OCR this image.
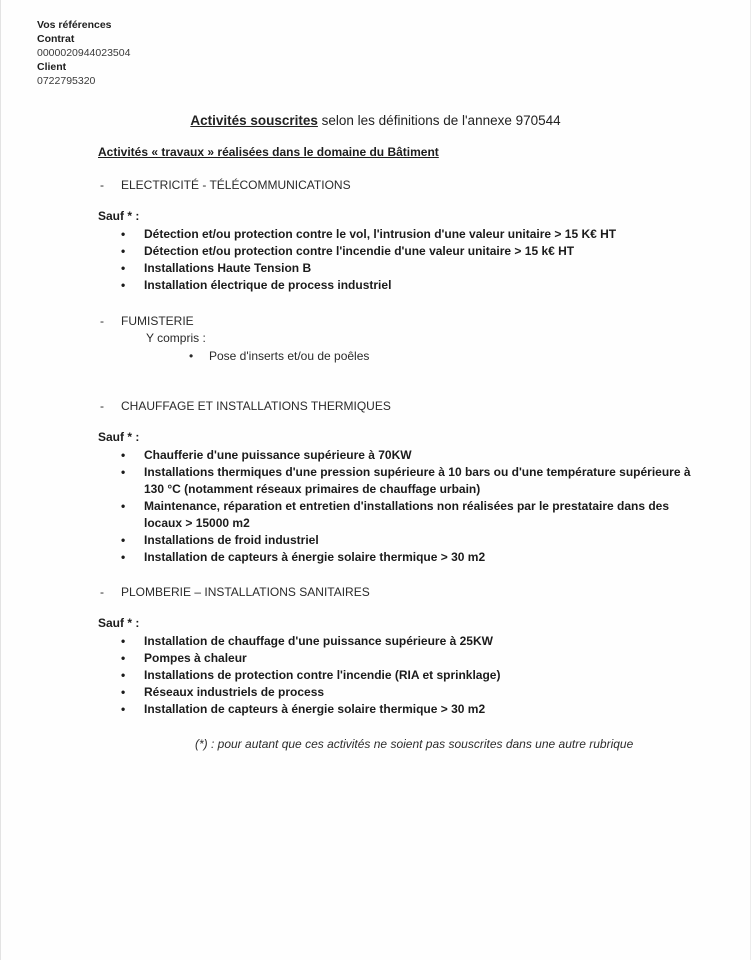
Vos références
Contrat
0000020944023504
Client
0722795320
Activités souscrites selon les définitions de l'annexe 970544
Activités « travaux » réalisées dans le domaine du Bâtiment
- ELECTRICITÉ - TÉLÉCOMMUNICATIONS
Sauf * :
• Détection et/ou protection contre le vol, l'intrusion d'une valeur unitaire > 15 K€ HT
• Détection et/ou protection contre l'incendie d'une valeur unitaire > 15 k€ HT
• Installations Haute Tension B
• Installation électrique de process industriel
- FUMISTERIE
Y compris :
• Pose d'inserts et/ou de poêles
- CHAUFFAGE ET INSTALLATIONS THERMIQUES
Sauf * :
• Chaufferie d'une puissance supérieure à 70KW
• Installations thermiques d'une pression supérieure à 10 bars ou d'une température supérieure à 130 °C (notamment réseaux primaires de chauffage urbain)
• Maintenance, réparation et entretien d'installations non réalisées par le prestataire dans des locaux > 15000 m2
• Installations de froid industriel
• Installation de capteurs à énergie solaire thermique > 30 m2
- PLOMBERIE – INSTALLATIONS SANITAIRES
Sauf * :
• Installation de chauffage d'une puissance supérieure à 25KW
• Pompes à chaleur
• Installations de protection contre l'incendie (RIA et sprinklage)
• Réseaux industriels de process
• Installation de capteurs à énergie solaire thermique > 30 m2
(*) : pour autant que ces activités ne soient pas souscrites dans une autre rubrique
